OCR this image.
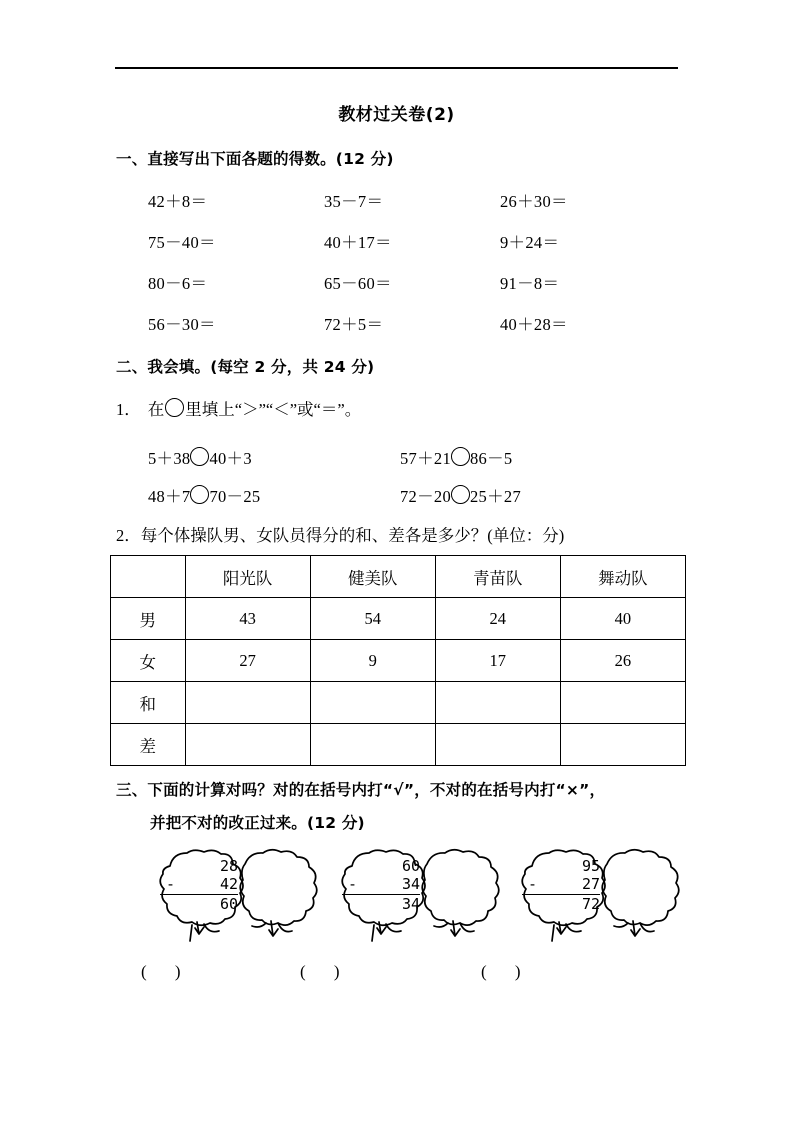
教材过关卷(2)
一、直接写出下面各题的得数。(12 分)
42＋8＝	35－7＝	26＋30＝
75－40＝	40＋17＝	9＋24＝
80－6＝	65－60＝	91－8＝
56－30＝	72＋5＝	40＋28＝
二、我会填。(每空 2 分，共 24 分)
1． 在 里填上“＞”“＜”或“＝”。
5＋38 40＋3	57＋21 86－5
48＋7 70－25	72－20 25＋27
2．每个体操队男、女队员得分的和、差各是多少？(单位：分)
	阳光队	健美队	青苗队	舞动队
男	43	54	24	40
女	27	9	17	26
和				
差				
三、下面的计算对吗？对的在括号内打“√”，不对的在括号内打“×”，
并把不对的改正过来。(12 分)
28
-	42
60
60
-	34
34
95
-	27
72
( )	( )	( )
